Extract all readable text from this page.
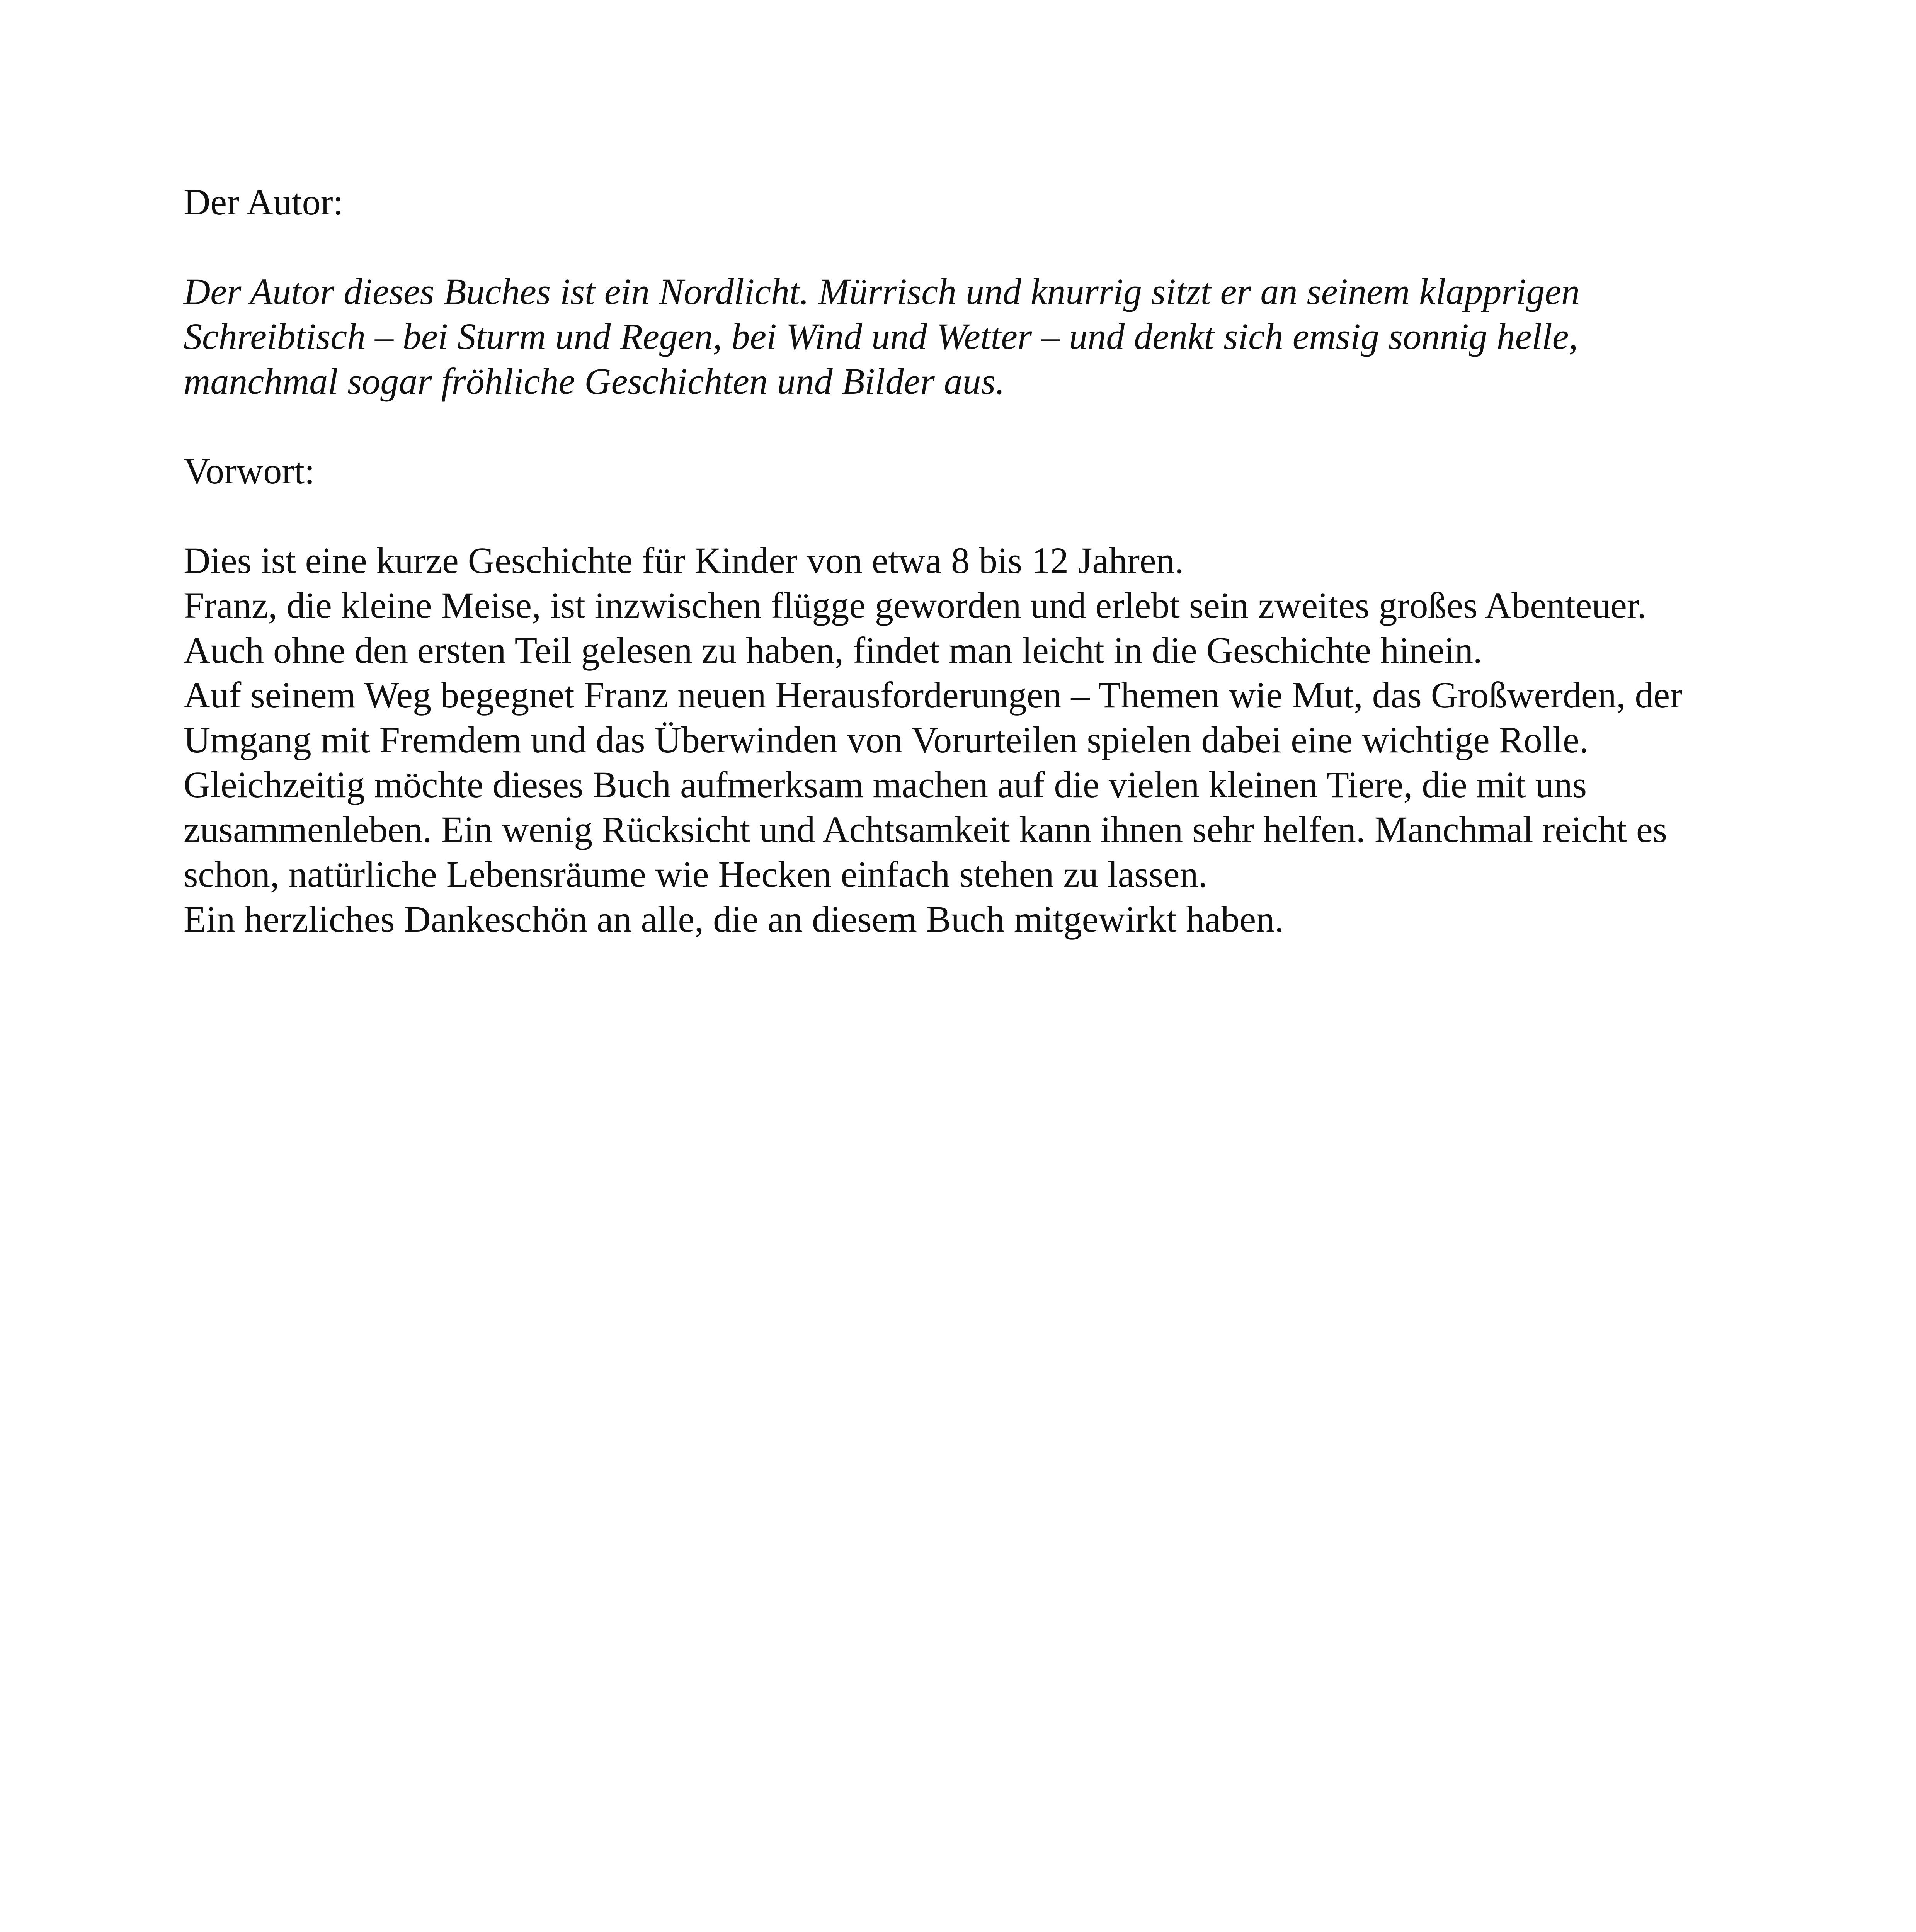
Der Autor:

Der Autor dieses Buches ist ein Nordlicht. Mürrisch und knurrig sitzt er an seinem klapprigen
Schreibtisch – bei Sturm und Regen, bei Wind und Wetter – und denkt sich emsig sonnig helle,
manchmal sogar fröhliche Geschichten und Bilder aus.

Vorwort:

Dies ist eine kurze Geschichte für Kinder von etwa 8 bis 12 Jahren.
Franz, die kleine Meise, ist inzwischen flügge geworden und erlebt sein zweites großes Abenteuer.
Auch ohne den ersten Teil gelesen zu haben, findet man leicht in die Geschichte hinein.
Auf seinem Weg begegnet Franz neuen Herausforderungen – Themen wie Mut, das Großwerden, der
Umgang mit Fremdem und das Überwinden von Vorurteilen spielen dabei eine wichtige Rolle.
Gleichzeitig möchte dieses Buch aufmerksam machen auf die vielen kleinen Tiere, die mit uns
zusammenleben. Ein wenig Rücksicht und Achtsamkeit kann ihnen sehr helfen. Manchmal reicht es
schon, natürliche Lebensräume wie Hecken einfach stehen zu lassen.
Ein herzliches Dankeschön an alle, die an diesem Buch mitgewirkt haben.
